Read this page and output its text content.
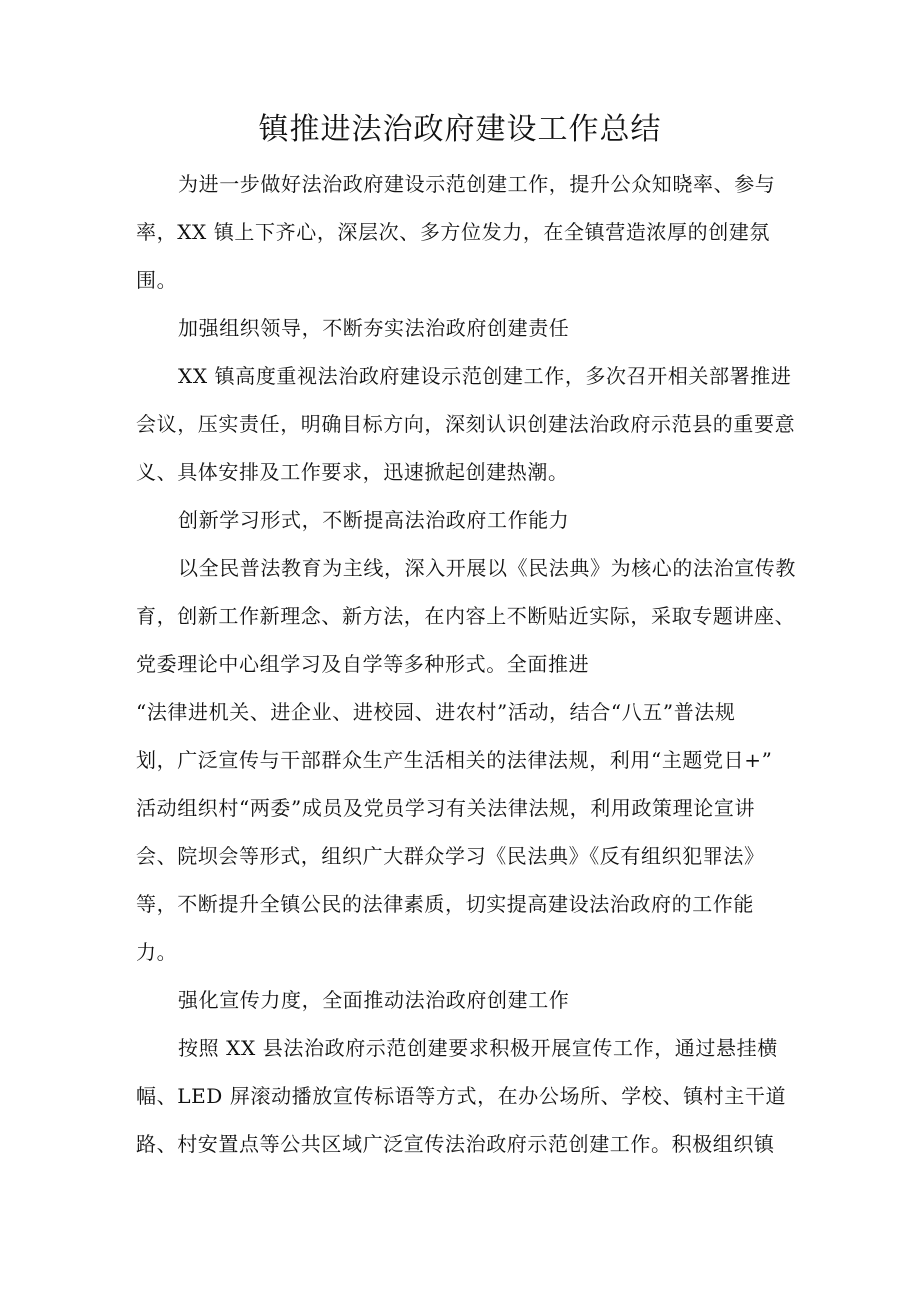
镇推进法治政府建设工作总结
为进一步做好法治政府建设示范创建工作，提升公众知晓率、参与
率，XX 镇上下齐心，深层次、多方位发力，在全镇营造浓厚的创建氛
围。
加强组织领导，不断夯实法治政府创建责任
XX 镇高度重视法治政府建设示范创建工作，多次召开相关部署推进
会议，压实责任，明确目标方向，深刻认识创建法治政府示范县的重要意
义、具体安排及工作要求，迅速掀起创建热潮。
创新学习形式，不断提高法治政府工作能力
以全民普法教育为主线，深入开展以《民法典》为核心的法治宣传教
育，创新工作新理念、新方法，在内容上不断贴近实际，采取专题讲座、
党委理论中心组学习及自学等多种形式。全面推进
“法律进机关、进企业、进校园、进农村”活动，结合“八五”普法规
划，广泛宣传与干部群众生产生活相关的法律法规，利用“主题党日+”
活动组织村“两委”成员及党员学习有关法律法规，利用政策理论宣讲
会、院坝会等形式，组织广大群众学习《民法典》《反有组织犯罪法》
等，不断提升全镇公民的法律素质，切实提高建设法治政府的工作能
力。
强化宣传力度，全面推动法治政府创建工作
按照 XX 县法治政府示范创建要求积极开展宣传工作，通过悬挂横
幅、LED 屏滚动播放宣传标语等方式，在办公场所、学校、镇村主干道
路、村安置点等公共区域广泛宣传法治政府示范创建工作。积极组织镇
